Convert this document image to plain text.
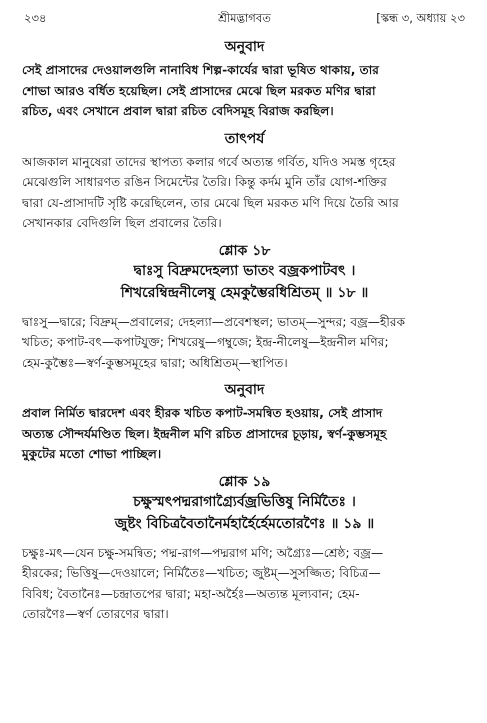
২৩৪	শ্রীমদ্ভাগবত	[স্কন্ধ ৩, অধ্যায় ২৩

অনুবাদ

সেই প্রাসাদের দেওয়ালগুলি নানাবিধ শিল্প-কার্যের দ্বারা ভূষিত থাকায়, তার

শোভা আরও বর্ধিত হয়েছিল। সেই প্রাসাদের মেঝে ছিল মরকত মণির দ্বারা

রচিত, এবং সেখানে প্রবাল দ্বারা রচিত বেদিসমূহ বিরাজ করছিল।

তাৎপর্য

আজকাল মানুষেরা তাদের স্থাপত্য কলার গর্বে অত্যন্ত গর্বিত, যদিও সমস্ত গৃহের

মেঝেগুলি সাধারণত রঙিন সিমেন্টের তৈরি। কিন্তু কর্দম মুনি তাঁর যোগ-শক্তির

দ্বারা যে-প্রাসাদটি সৃষ্টি করেছিলেন, তার মেঝে ছিল মরকত মণি দিয়ে তৈরি আর

সেখানকার বেদিগুলি ছিল প্রবালের তৈরি।

শ্লোক ১৮

দ্বাঃসু বিদ্রুমদেহল্যা ভাতং বজ্রকপাটবৎ ।

শিখরেম্বিন্দ্রনীলেষু হেমকুম্ভৈরধিশ্রিতম্ ॥ ১৮ ॥

দ্বাঃসু—দ্বারে; বিদ্রুম্—প্রবালের; দেহল্যা—প্রবেশস্থল; ভাতম্—সুন্দর; বজ্র—হীরক

খচিত; কপাট-বৎ—কপাটযুক্ত; শিখরেষু—গম্বুজে; ইন্দ্র-নীলেষু—ইন্দ্রনীল মণির;

হেম-কুম্ভৈঃ—স্বর্ণ-কুম্ভসমূহের দ্বারা; অধিশ্রিতম্—স্থাপিত।

অনুবাদ

প্রবাল নির্মিত দ্বারদেশ এবং হীরক খচিত কপাট-সমন্বিত হওয়ায়, সেই প্রাসাদ

অত্যন্ত সৌন্দর্যমণ্ডিত ছিল। ইন্দ্রনীল মণি রচিত প্রাসাদের চূড়ায়, স্বর্ণ-কুম্ভসমূহ

মুকুটের মতো শোভা পাচ্ছিল।

শ্লোক ১৯

চক্ষুস্মৎপদ্মরাগাগ্র্যৈর্বজ্রভিত্তিষু নির্মিতৈঃ ।

জুষ্টং বিচিত্রবৈতানৈর্মহার্হৈর্হেমতোরণৈঃ ॥ ১৯ ॥

চক্ষুঃ-মৎ—যেন চক্ষু-সমন্বিত; পদ্ম-রাগ—পদ্মরাগ মণি; অগ্র্যৈঃ—শ্রেষ্ঠ; বজ্র—

হীরকের; ভিত্তিষু—দেওয়ালে; নির্মিতৈঃ—খচিত; জুষ্টম্—সুসজ্জিত; বিচিত্র—

বিবিধ; বৈতানৈঃ—চন্দ্রাতপের দ্বারা; মহা-অর্হৈঃ—অত্যন্ত মূল্যবান; হেম-

তোরণৈঃ—স্বর্ণ তোরণের দ্বারা।
